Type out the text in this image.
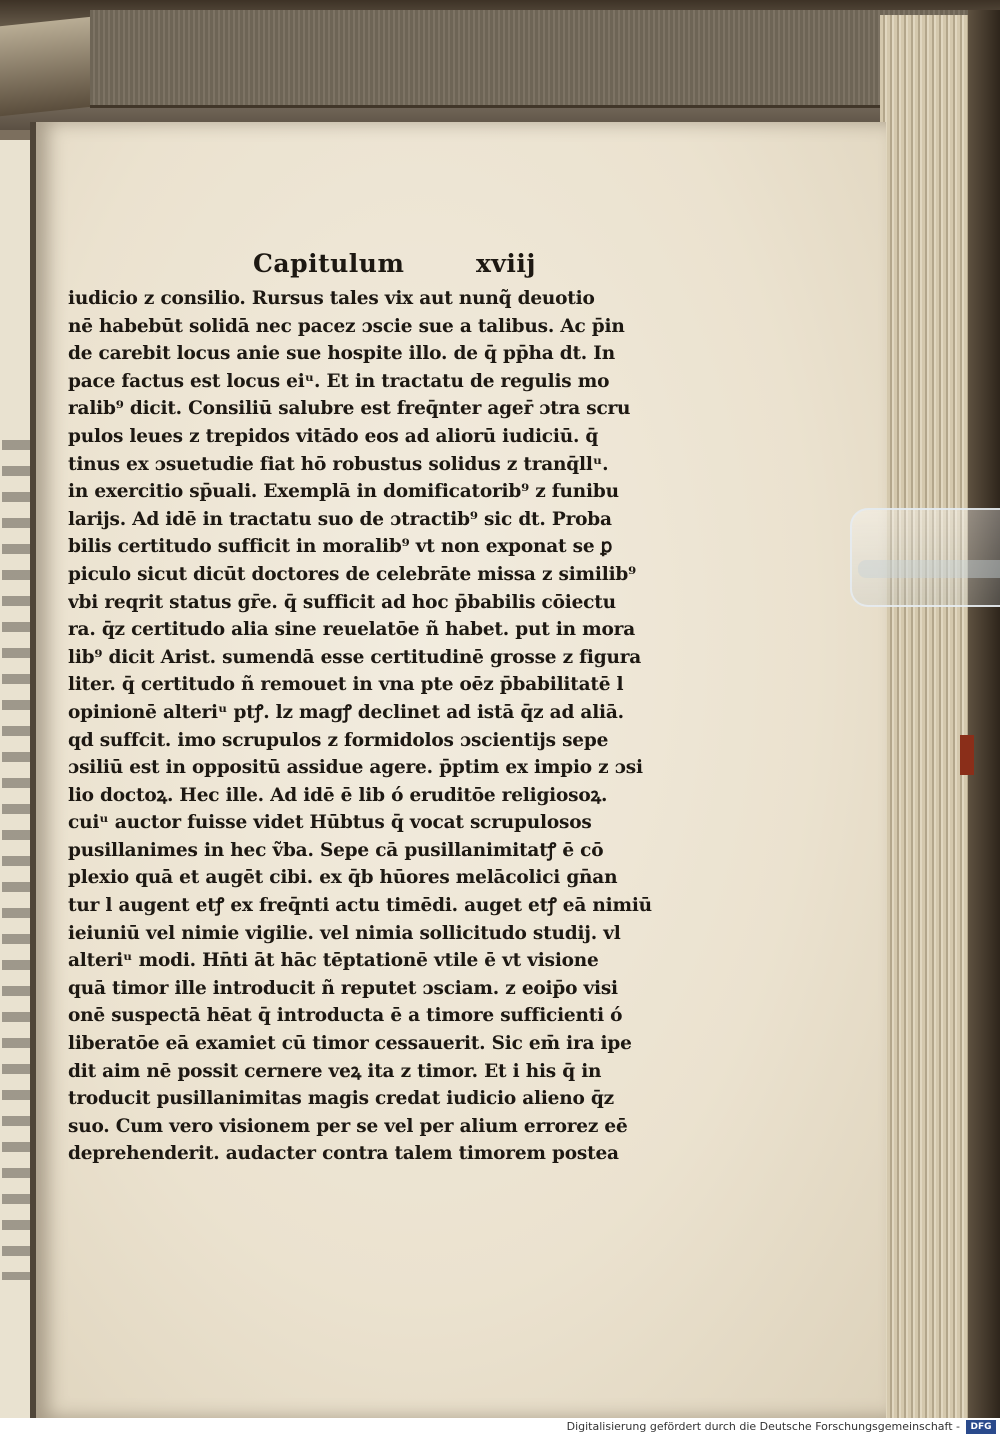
Capitulum	xviij
iudicio z consilio. Rursus tales vix aut nunq̃ deuotio
nē habebūt solidā nec pacez ɔscie sue a talibus. Ac p̄in
de carebit locus anie sue hospite illo. de q̄ pp̄ha dt. In
pace factus est locus eiᵘ. Et in tractatu de regulis mo
ralib⁹ dicit. Consiliū salubre est freq̄nter ager̄ ɔtra scru
pulos leues z trepidos vitādo eos ad aliorū iudiciū. q̄
tinus ex ɔsuetudie fiat hō robustus solidus z tranq̄llᵘ.
in exercitio sp̄uali. Exemplā in domificatorib⁹ z funibu
larijs. Ad idē in tractatu suo de ɔtractib⁹ sic dt. Proba
bilis certitudo sufficit in moralib⁹ vt non exponat se ꝑ
piculo sicut dicūt doctores de celebrāte missa z similib⁹
vbi reqrit status gr̄e. q̄ sufficit ad hoc p̄babilis cōiectu
ra. q̄z certitudo alia sine reuelatōe ñ habet. put in mora
lib⁹ dicit Arist. sumendā esse certitudinē grosse z figura
liter. q̄ certitudo ñ remouet in vna pte oēz p̄babilitatē l
opinionē alteriᵘ ptꝭ. lz magꝭ declinet ad istā q̄z ad aliā.
qd suffcit. imo scrupulos z formidolos ɔscientijs sepe
ɔsiliū est in oppositū assidue agere. p̄ptim ex impio z ɔsi
lio doctoꝝ. Hec ille. Ad idē ē lib ó eruditōe religiosoꝝ.
cuiᵘ auctor fuisse videt Hūbtus q̄ vocat scrupulosos
pusillanimes in hec ṽba. Sepe cā pusillanimitatꝭ ē cō
plexio quā et augēt cibi. ex q̄b hūores melācolici gn̄an
tur l augent etꝭ ex freq̄nti actu timēdi. auget etꝭ eā nimiū
ieiuniū vel nimie vigilie. vel nimia sollicitudo studij. vl
alteriᵘ modi. Hn̄ti āt hāc tēptationē vtile ē vt visione
quā timor ille introducit ñ reputet ɔsciam. z eoip̄o visi
onē suspectā hēat q̄ introducta ē a timore sufficienti ó
liberatōe eā examiet cū timor cessauerit. Sic em̄ ira ipe
dit aim nē possit cernere veꝝ ita z timor. Et i his q̄ in
troducit pusillanimitas magis credat iudicio alieno q̄z
suo. Cum vero visionem per se vel per alium errorez eē
deprehenderit. audacter contra talem timorem postea
Digitalisierung gefördert durch die Deutsche Forschungsgemeinschaft -	DFG
